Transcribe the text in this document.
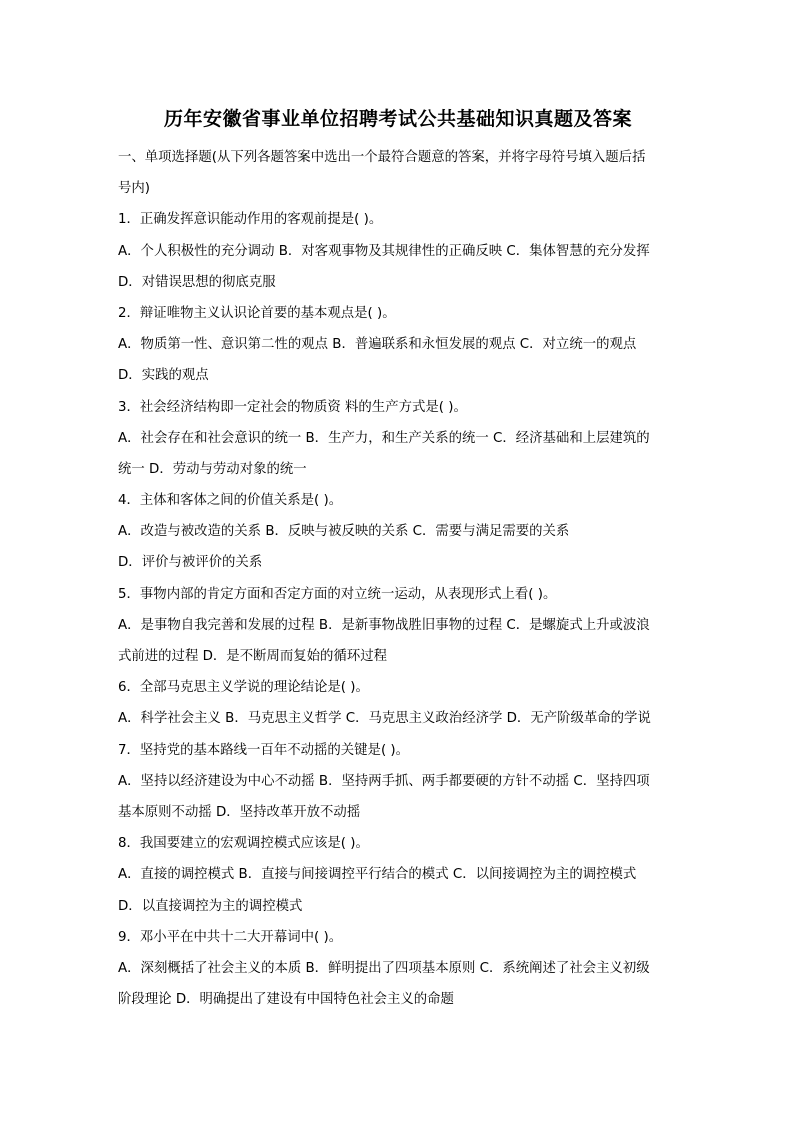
历年安徽省事业单位招聘考试公共基础知识真题及答案
一、单项选择题(从下列各题答案中选出一个最符合题意的答案，并将字母符号填入题后括
号内)
1．正确发挥意识能动作用的客观前提是( )。
A．个人积极性的充分调动 B．对客观事物及其规律性的正确反映 C．集体智慧的充分发挥
D．对错误思想的彻底克服
2．辩证唯物主义认识论首要的基本观点是( )。
A．物质第一性、意识第二性的观点 B．普遍联系和永恒发展的观点 C．对立统一的观点
D．实践的观点
3．社会经济结构即一定社会的物质资 料的生产方式是( )。
A．社会存在和社会意识的统一 B．生产力，和生产关系的统一 C．经济基础和上层建筑的
统一 D．劳动与劳动对象的统一
4．主体和客体之间的价值关系是( )。
A．改造与被改造的关系 B．反映与被反映的关系 C．需要与满足需要的关系
D．评价与被评价的关系
5．事物内部的肯定方面和否定方面的对立统一运动，从表现形式上看( )。
A．是事物自我完善和发展的过程 B．是新事物战胜旧事物的过程 C．是螺旋式上升或波浪
式前进的过程 D．是不断周而复始的循环过程
6．全部马克思主义学说的理论结论是( )。
A．科学社会主义 B．马克思主义哲学 C．马克思主义政治经济学 D．无产阶级革命的学说
7．坚持党的基本路线一百年不动摇的关键是( )。
A．坚持以经济建设为中心不动摇 B．坚持两手抓、两手都要硬的方针不动摇 C．坚持四项
基本原则不动摇 D．坚持改革开放不动摇
8．我国要建立的宏观调控模式应该是( )。
A．直接的调控模式 B．直接与间接调控平行结合的模式 C．以间接调控为主的调控模式
D．以直接调控为主的调控模式
9．邓小平在中共十二大开幕词中( )。
A．深刻概括了社会主义的本质 B．鲜明提出了四项基本原则 C．系统阐述了社会主义初级
阶段理论 D．明确提出了建设有中国特色社会主义的命题
